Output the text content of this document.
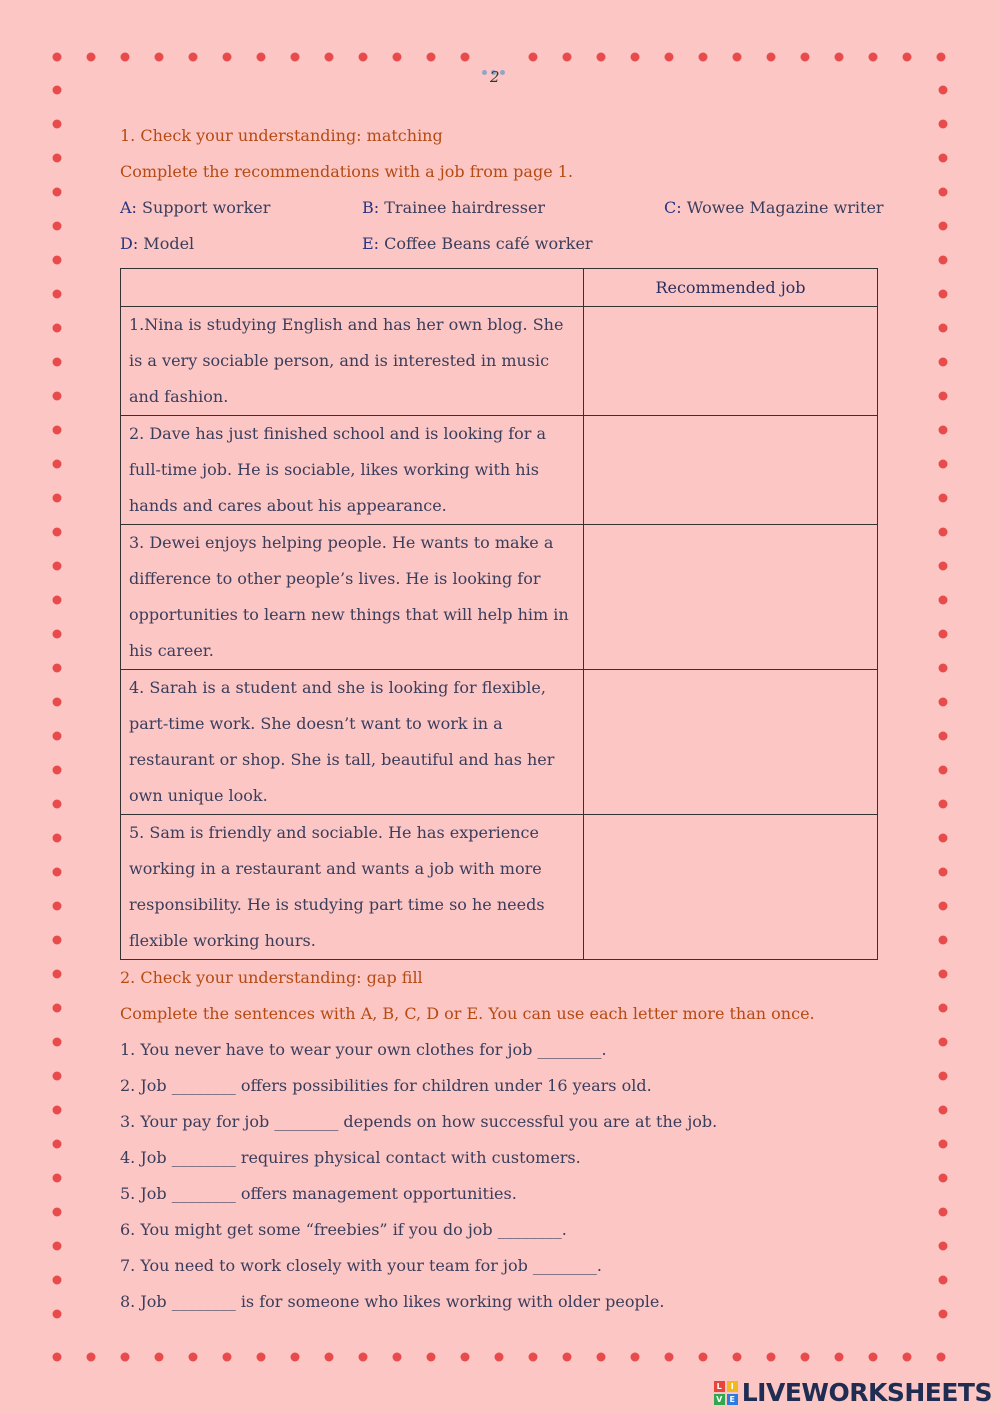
2
1. Check your understanding: matching
Complete the recommendations with a job from page 1.
A: Support worker	B: Trainee hairdresser	C: Wowee Magazine writer
D: Model	E: Coffee Beans café worker
	Recommended job
1.Nina is studying English and has her own blog. She is a very sociable person, and is interested in music and fashion.	
2. Dave has just finished school and is looking for a full-time job. He is sociable, likes working with his hands and cares about his appearance.	
3. Dewei enjoys helping people. He wants to make a difference to other people’s lives. He is looking for opportunities to learn new things that will help him in his career.	
4. Sarah is a student and she is looking for flexible, part-time work. She doesn’t want to work in a restaurant or shop. She is tall, beautiful and has her own unique look.	
5. Sam is friendly and sociable. He has experience working in a restaurant and wants a job with more responsibility. He is studying part time so he needs flexible working hours.	
2. Check your understanding: gap fill
Complete the sentences with A, B, C, D or E. You can use each letter more than once.
1. You never have to wear your own clothes for job ________.
2. Job ________ offers possibilities for children under 16 years old.
3. Your pay for job ________ depends on how successful you are at the job.
4. Job ________ requires physical contact with customers.
5. Job ________ offers management opportunities.
6. You might get some “freebies” if you do job ________.
7. You need to work closely with your team for job ________.
8. Job ________ is for someone who likes working with older people.
L	I
V E LIVEWORKSHEETS
